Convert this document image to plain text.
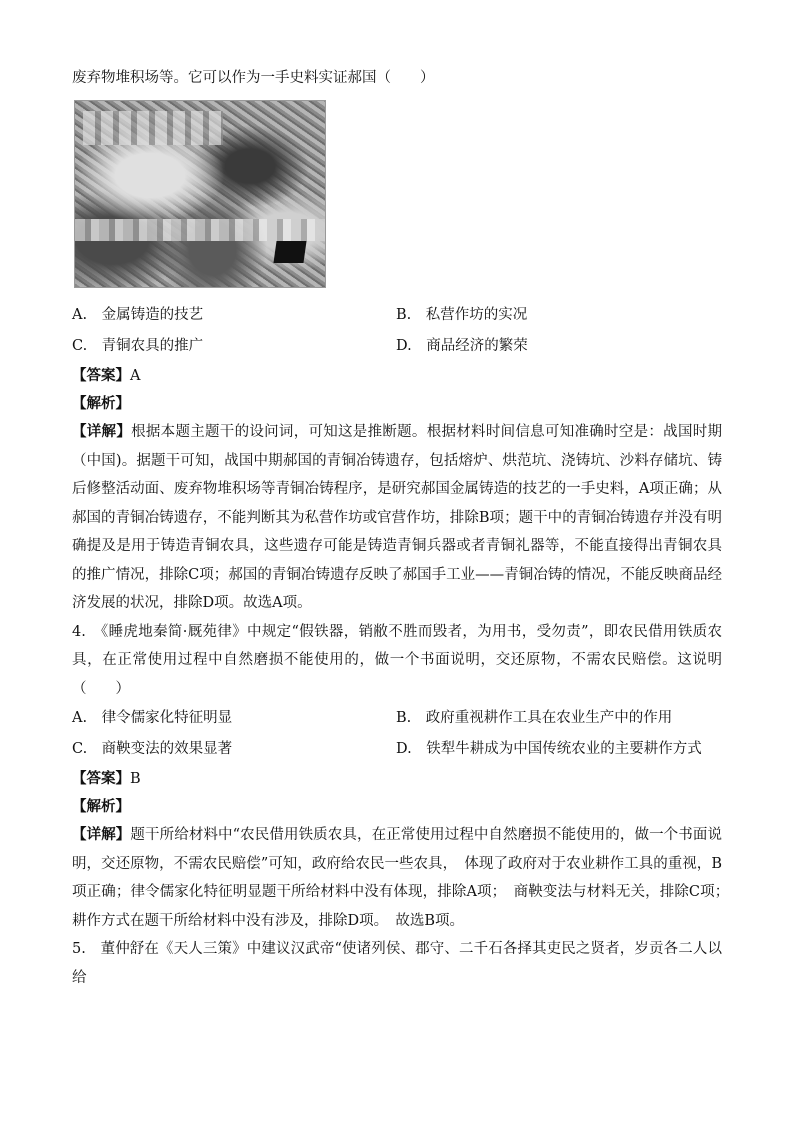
废弃物堆积场等。它可以作为一手史料实证郝国（　　）
A.　金属铸造的技艺	B.　私营作坊的实况
C.　青铜农具的推广	D.　商品经济的繁荣
【答案】A
【解析】
【详解】根据本题主题干的设问词，可知这是推断题。根据材料时间信息可知准确时空是：战国时期（中国)。据题干可知，战国中期郝国的青铜冶铸遗存，包括熔炉、烘范坑、浇铸坑、沙料存储坑、铸后修整活动面、废弃物堆积场等青铜冶铸程序，是研究郝国金属铸造的技艺的一手史料，A项正确；从郝国的青铜冶铸遗存，不能判断其为私营作坊或官营作坊，排除B项；题干中的青铜冶铸遗存并没有明确提及是用于铸造青铜农具，这些遗存可能是铸造青铜兵器或者青铜礼器等，不能直接得出青铜农具的推广情况，排除C项；郝国的青铜冶铸遗存反映了郝国手工业——青铜冶铸的情况，不能反映商品经济发展的状况，排除D项。故选A项。
4.　《睡虎地秦简·厩苑律》中规定“假铁器，销敝不胜而毁者，为用书，受勿责”，即农民借用铁质农具，在正常使用过程中自然磨损不能使用的，做一个书面说明，交还原物，不需农民赔偿。这说明（　　）
A.　律令儒家化特征明显	B.　政府重视耕作工具在农业生产中的作用
C.　商鞅变法的效果显著	D.　铁犁牛耕成为中国传统农业的主要耕作方式
【答案】B
【解析】
【详解】题干所给材料中“农民借用铁质农具，在正常使用过程中自然磨损不能使用的，做一个书面说明，交还原物，不需农民赔偿”可知，政府给农民一些农具，　体现了政府对于农业耕作工具的重视，B项正确；律令儒家化特征明显题干所给材料中没有体现，排除A项；　商鞅变法与材料无关，排除C项；　耕作方式在题干所给材料中没有涉及，排除D项。　故选B项。
5.　董仲舒在《天人三策》中建议汉武帝“使诸列侯、郡守、二千石各择其吏民之贤者，岁贡各二人以给
